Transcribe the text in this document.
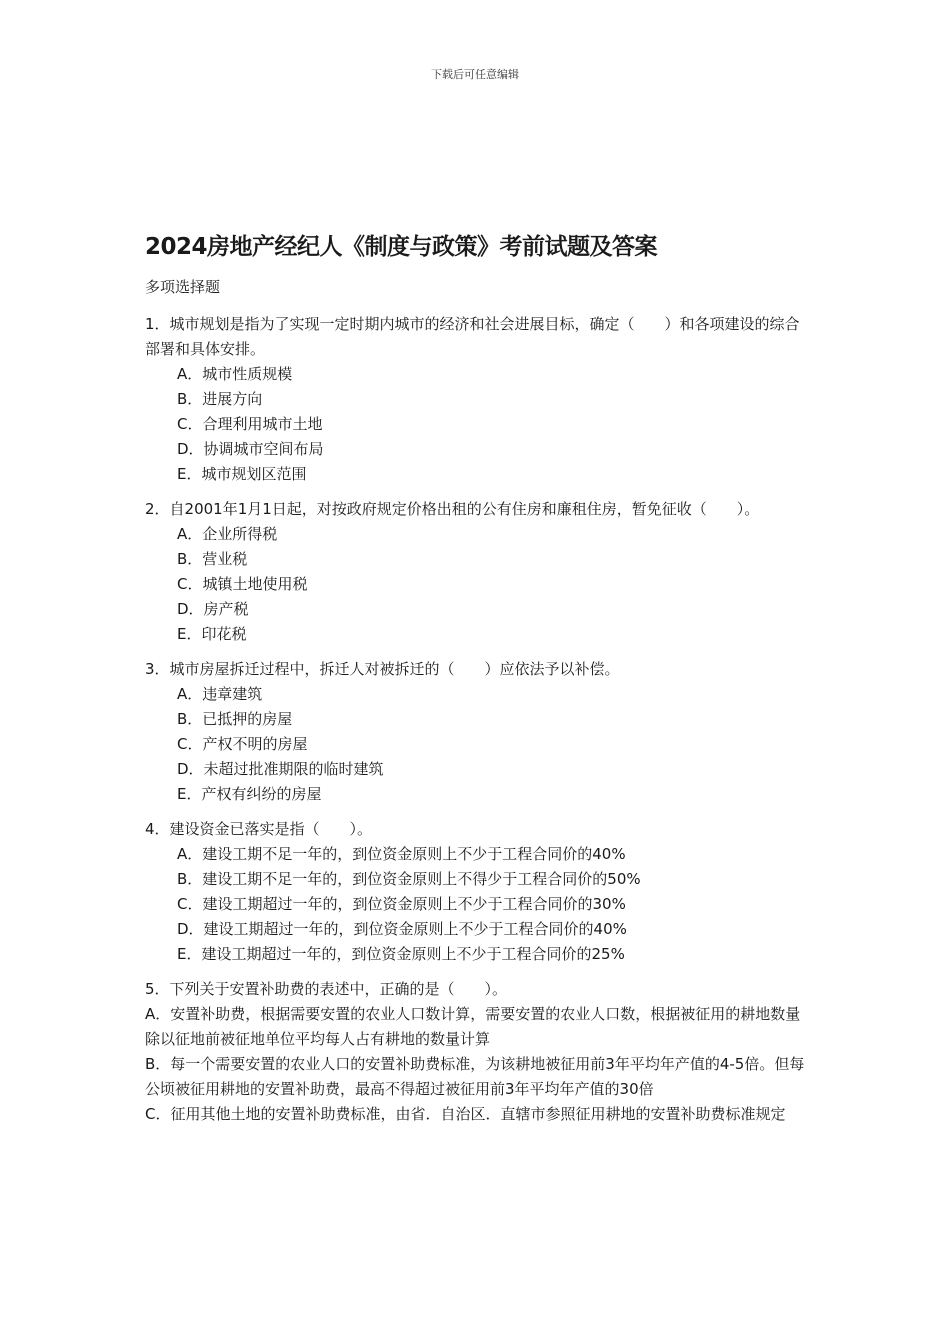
下载后可任意编辑
2024房地产经纪人《制度与政策》考前试题及答案
多项选择题

1．城市规划是指为了实现一定时期内城市的经济和社会进展目标，确定（　　）和各项建设的综合部署和具体安排。

A．城市性质规模
B．进展方向
C．合理利用城市土地
D．协调城市空间布局
E．城市规划区范围

2．自2001年1月1日起，对按政府规定价格出租的公有住房和廉租住房，暂免征收（　　）。

A．企业所得税
B．营业税
C．城镇土地使用税
D．房产税
E．印花税

3．城市房屋拆迁过程中，拆迁人对被拆迁的（　　）应依法予以补偿。

A．违章建筑
B．已抵押的房屋
C．产权不明的房屋
D．未超过批准期限的临时建筑
E．产权有纠纷的房屋

4．建设资金已落实是指（　　）。

A．建设工期不足一年的，到位资金原则上不少于工程合同价的40%
B．建设工期不足一年的，到位资金原则上不得少于工程合同价的50%
C．建设工期超过一年的，到位资金原则上不少于工程合同价的30%
D．建设工期超过一年的，到位资金原则上不少于工程合同价的40%
E．建设工期超过一年的，到位资金原则上不少于工程合同价的25%

5．下列关于安置补助费的表述中，正确的是（　　）。

A．安置补助费，根据需要安置的农业人口数计算，需要安置的农业人口数，根据被征用的耕地数量除以征地前被征地单位平均每人占有耕地的数量计算
B．每一个需要安置的农业人口的安置补助费标准，为该耕地被征用前3年平均年产值的4-5倍。但每公顷被征用耕地的安置补助费，最高不得超过被征用前3年平均年产值的30倍
C．征用其他土地的安置补助费标准，由省．自治区．直辖市参照征用耕地的安置补助费标准规定
